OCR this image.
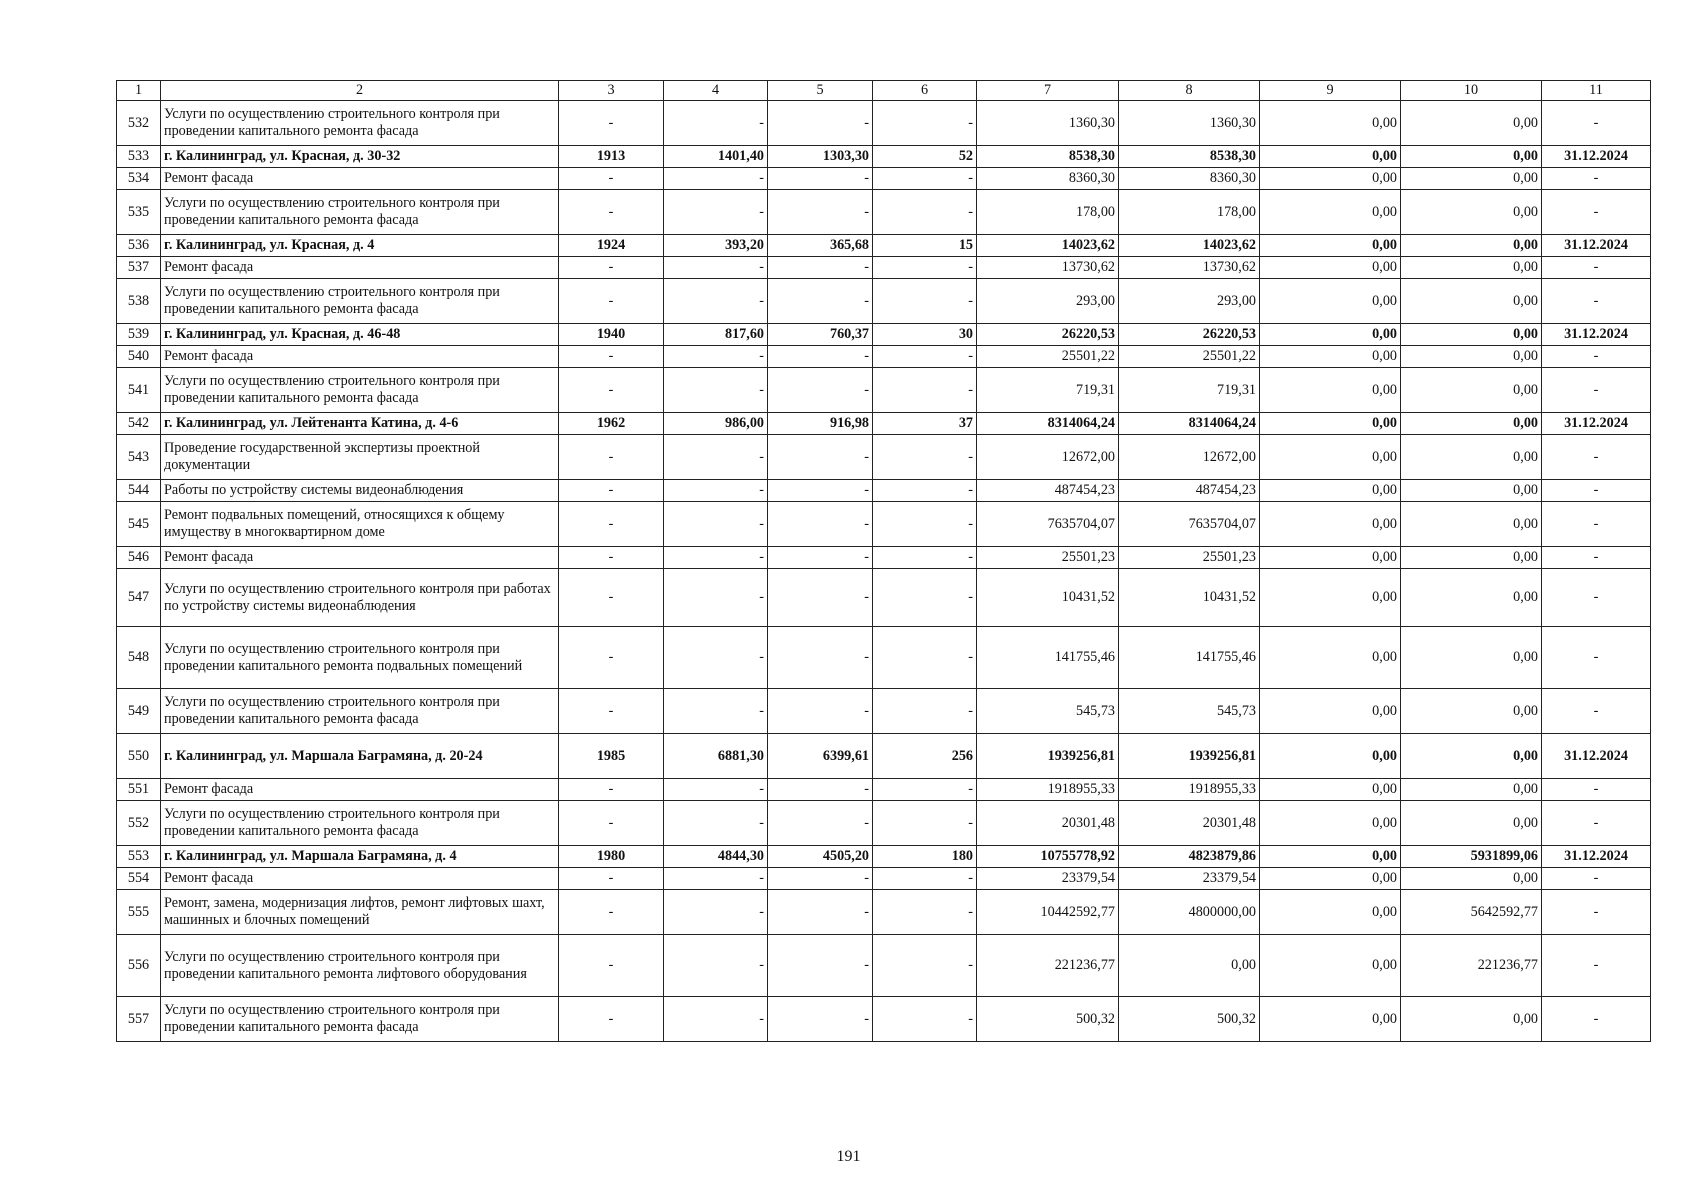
1	2	3	4	5	6	7	8	9	10	11
532	Услуги по осуществлению строительного контроля при проведении капитального ремонта фасада	-	-	-	-	1360,30	1360,30	0,00	0,00	-
533	г. Калининград, ул. Красная, д. 30-32	1913	1401,40	1303,30	52	8538,30	8538,30	0,00	0,00	31.12.2024
534	Ремонт фасада	-	-	-	-	8360,30	8360,30	0,00	0,00	-
535	Услуги по осуществлению строительного контроля при проведении капитального ремонта фасада	-	-	-	-	178,00	178,00	0,00	0,00	-
536	г. Калининград, ул. Красная, д. 4	1924	393,20	365,68	15	14023,62	14023,62	0,00	0,00	31.12.2024
537	Ремонт фасада	-	-	-	-	13730,62	13730,62	0,00	0,00	-
538	Услуги по осуществлению строительного контроля при проведении капитального ремонта фасада	-	-	-	-	293,00	293,00	0,00	0,00	-
539	г. Калининград, ул. Красная, д. 46-48	1940	817,60	760,37	30	26220,53	26220,53	0,00	0,00	31.12.2024
540	Ремонт фасада	-	-	-	-	25501,22	25501,22	0,00	0,00	-
541	Услуги по осуществлению строительного контроля при проведении капитального ремонта фасада	-	-	-	-	719,31	719,31	0,00	0,00	-
542	г. Калининград, ул. Лейтенанта Катина, д. 4-6	1962	986,00	916,98	37	8314064,24	8314064,24	0,00	0,00	31.12.2024
543	Проведение государственной экспертизы проектной документации	-	-	-	-	12672,00	12672,00	0,00	0,00	-
544	Работы по устройству системы видеонаблюдения	-	-	-	-	487454,23	487454,23	0,00	0,00	-
545	Ремонт подвальных помещений, относящихся к общему имуществу в многоквартирном доме	-	-	-	-	7635704,07	7635704,07	0,00	0,00	-
546	Ремонт фасада	-	-	-	-	25501,23	25501,23	0,00	0,00	-
547	Услуги по осуществлению строительного контроля при работах по устройству системы видеонаблюдения	-	-	-	-	10431,52	10431,52	0,00	0,00	-
548	Услуги по осуществлению строительного контроля при проведении капитального ремонта подвальных помещений	-	-	-	-	141755,46	141755,46	0,00	0,00	-
549	Услуги по осуществлению строительного контроля при проведении капитального ремонта фасада	-	-	-	-	545,73	545,73	0,00	0,00	-
550	г. Калининград, ул. Маршала Баграмяна, д. 20-24	1985	6881,30	6399,61	256	1939256,81	1939256,81	0,00	0,00	31.12.2024
551	Ремонт фасада	-	-	-	-	1918955,33	1918955,33	0,00	0,00	-
552	Услуги по осуществлению строительного контроля при проведении капитального ремонта фасада	-	-	-	-	20301,48	20301,48	0,00	0,00	-
553	г. Калининград, ул. Маршала Баграмяна, д. 4	1980	4844,30	4505,20	180	10755778,92	4823879,86	0,00	5931899,06	31.12.2024
554	Ремонт фасада	-	-	-	-	23379,54	23379,54	0,00	0,00	-
555	Ремонт, замена, модернизация лифтов, ремонт лифтовых шахт, машинных и блочных помещений	-	-	-	-	10442592,77	4800000,00	0,00	5642592,77	-
556	Услуги по осуществлению строительного контроля при проведении капитального ремонта лифтового оборудования	-	-	-	-	221236,77	0,00	0,00	221236,77	-
557	Услуги по осуществлению строительного контроля при проведении капитального ремонта фасада	-	-	-	-	500,32	500,32	0,00	0,00	-
191
